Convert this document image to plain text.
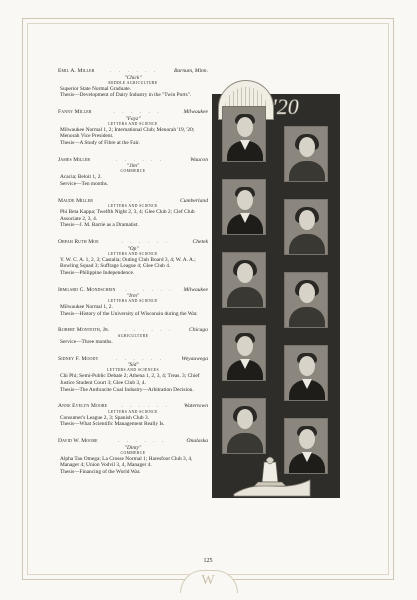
Emil A. Miller	. . . . . .	Barnum, Minn.
"Chick"
MIDDLE AGRICULTURE
Superior State Normal Graduate.
Thesis—Development of Dairy Industry in the "Twin Ports".
Fanny Miller	. . . . . .	Milwaukee
"Fayz"
LETTERS AND SCIENCE
Milwaukee Normal 1, 2; International Club; Menorah '19, '20; Menorah Vice President.
Thesis—A Study of Fibre at the Fair.
James Miller	. . . . . .	Waucon
"Jim"
COMMERCE
Acacia; Beloit 1, 2.
Service—Ten months.
Maude Miller	. . . . . .	Cumberland
LETTERS AND SCIENCE
Phi Beta Kappa; Twelfth Night 2, 3, 4; Glee Club 2; Clef Club Associate 2, 3, 4.
Thesis—J. M. Barrie as a Dramatist.
Orpah Ruth Moe	. . . . . .	Chetek
"Op"
LETTERS AND SCIENCE
Y. W. C. A. 1, 2, 3; Castalia; Outing Club Board 3, 4; W. A. A.; Bowling Squad 3; Suffrage League 4; Glee Club 4.
Thesis—Philippine Independence.
Irmgard C. Mondschein	. . . . . .	Milwaukee
"Irm"
LETTERS AND SCIENCE
Milwaukee Normal 1, 2.
Thesis—History of the University of Wisconsin during the War.
Robert Monteith, Jr.	. . . . . .	Chicago
AGRICULTURE
Service—Three months.
Sidney F. Moody	. . . . . .	Weyauwega
"Sid"
LETTERS AND SCIENCES
Chi Phi; Semi-Public Debate 2; Athena 1, 2, 3, 4; Treas. 3; Chief Justice Student Court 3; Glee Club 3, 4.
Thesis—The Anthracite Coal Industry—Arbitration Decision.
Anne Evelyn Moore	. . . . . .	Watertown
LETTERS AND SCIENCE
Consumer's League 2, 3; Spanish Club 3.
Thesis—What Scientific Management Really Is.
David W. Moore	. . . . . .	Onalaska
"Dinty"
COMMERCE
Alpha Tau Omega; La Crosse Normal 1; Haresfoot Club 3, 4, Manager 4; Union Vodvil 3, 4, Manager 4.
Thesis—Financing of the World War.
'20
125
W
